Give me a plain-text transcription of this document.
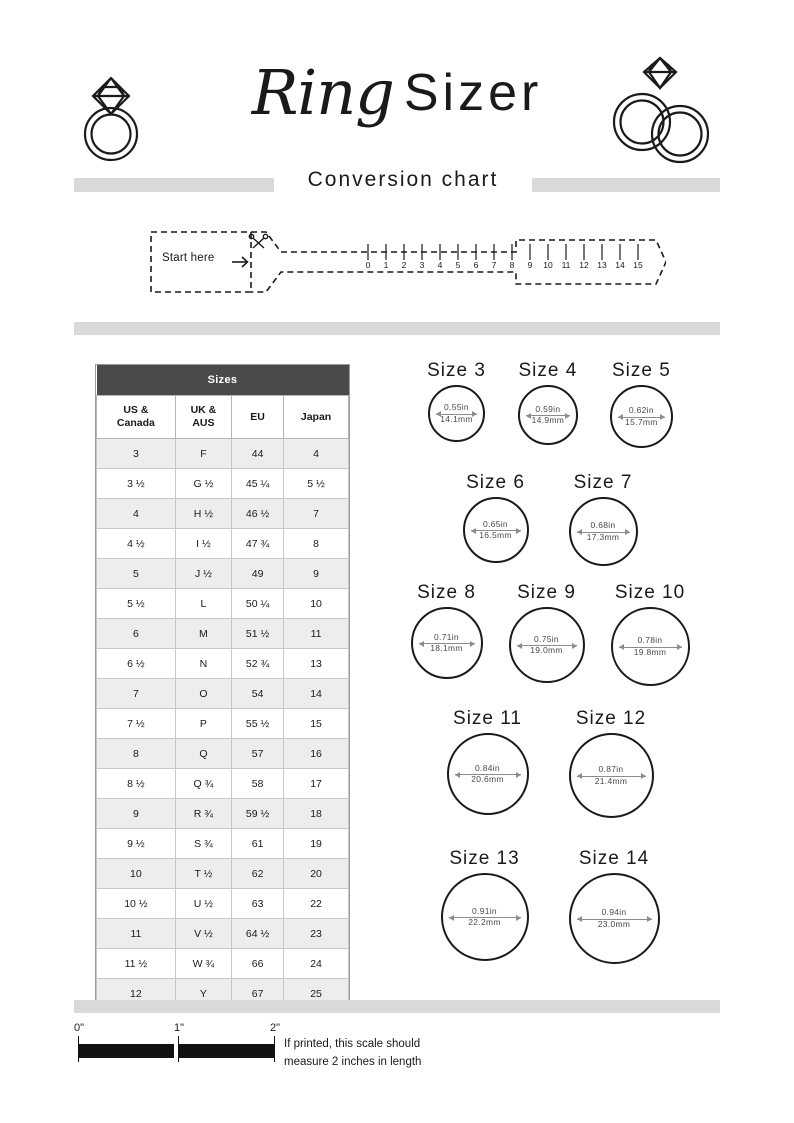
Ring Sizer
Conversion chart
Start here
0 1 2 3 4 5 6 7 8 9 10 11 12 13 14 15
Sizes			
US &
Canada	UK &
AUS	EU	Japan
3	F	44	4
3 ½	G ½	45 ¼	5 ½
4	H ½	46 ½	7
4 ½	I ½	47 ¾	8
5	J ½	49	9
5 ½	L	50 ¼	10
6	M	51 ½	11
6 ½	N	52 ¾	13
7	O	54	14
7 ½	P	55 ½	15
8	Q	57	16
8 ½	Q ¾	58	17
9	R ¾	59 ½	18
9 ½	S ¾	61	19
10	T ½	62	20
10 ½	U ½	63	22
11	V ½	64 ½	23
11 ½	W ¾	66	24
12	Y	67	25
Size 3
0.55in
14.1mm
Size 4
0.59in
14.9mm
Size 5
0.62in
15.7mm
Size 6
0.65in
16.5mm
Size 7
0.68in
17.3mm
Size 8
0.71in
18.1mm
Size 9
0.75in
19.0mm
Size 10
0.78in
19.8mm
Size 11
0.84in
20.6mm
Size 12
0.87in
21.4mm
Size 13
0.91in
22.2mm
Size 14
0.94in
23.0mm
0"	1"	2"
If printed, this scale should
measure 2 inches in length
